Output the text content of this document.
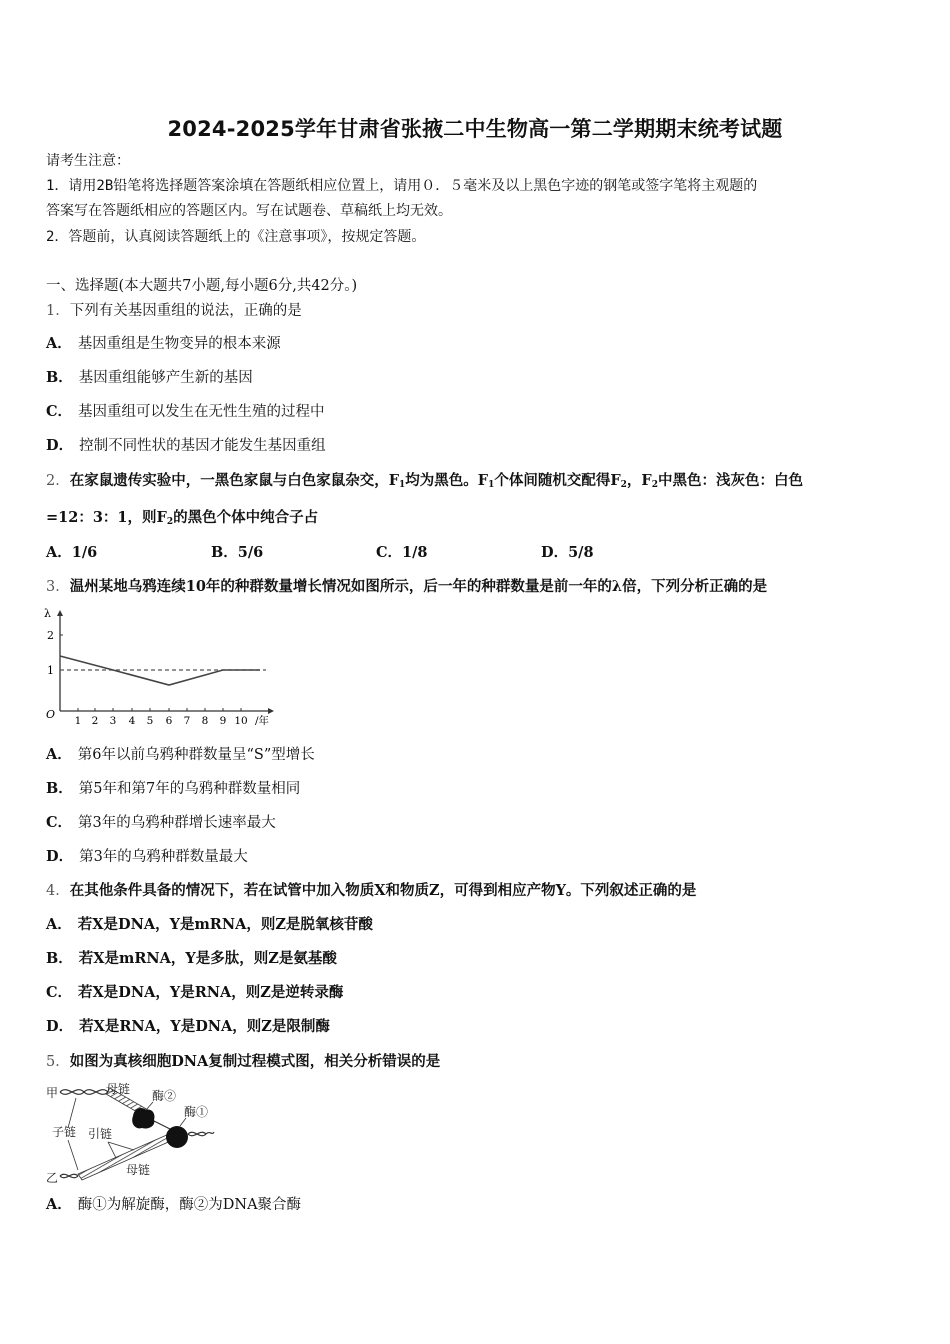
2024-2025学年甘肃省张掖二中生物高一第二学期期末统考试题
请考生注意：
1．请用2B铅笔将选择题答案涂填在答题纸相应位置上，请用０．５毫米及以上黑色字迹的钢笔或签字笔将主观题的
答案写在答题纸相应的答题区内。写在试题卷、草稿纸上均无效。
2．答题前，认真阅读答题纸上的《注意事项》，按规定答题。
一、选择题(本大题共7小题,每小题6分,共42分。)
1．下列有关基因重组的说法，正确的是
A． 基因重组是生物变异的根本来源
B． 基因重组能够产生新的基因
C． 基因重组可以发生在无性生殖的过程中
D． 控制不同性状的基因才能发生基因重组
2．在家鼠遗传实验中，一黑色家鼠与白色家鼠杂交，$F_1$均为黑色。$F_1$个体间随机交配得$F_2$，$F_2$中黑色：浅灰色：白色
=12：3：1，则$F_2$的黑色个体中纯合子占
A．1/6	B．5/6	C．1/8	D．5/8
3．温州某地乌鸦连续10年的种群数量增长情况如图所示，后一年的种群数量是前一年的λ倍，下列分析正确的是
λ
2
1
O 1 2 3 4 5 6 7 8 9 10 /年
A． 第6年以前乌鸦种群数量呈“S”型增长
B． 第5年和第7年的乌鸦种群数量相同
C． 第3年的乌鸦种群增长速率最大
D． 第3年的乌鸦种群数量最大
4．在其他条件具备的情况下，若在试管中加入物质X和物质Z，可得到相应产物Y。下列叙述正确的是
A． 若X是DNA，Y是mRNA，则Z是脱氧核苷酸
B． 若X是mRNA，Y是多肽，则Z是氨基酸
C． 若X是DNA，Y是RNA，则Z是逆转录酶
D． 若X是RNA，Y是DNA，则Z是限制酶
5．如图为真核细胞DNA复制过程模式图，相关分析错误的是
甲	母链 酶②
酶①
子链 引链
母链
乙
A． 酶①为解旋酶，酶②为DNA聚合酶
